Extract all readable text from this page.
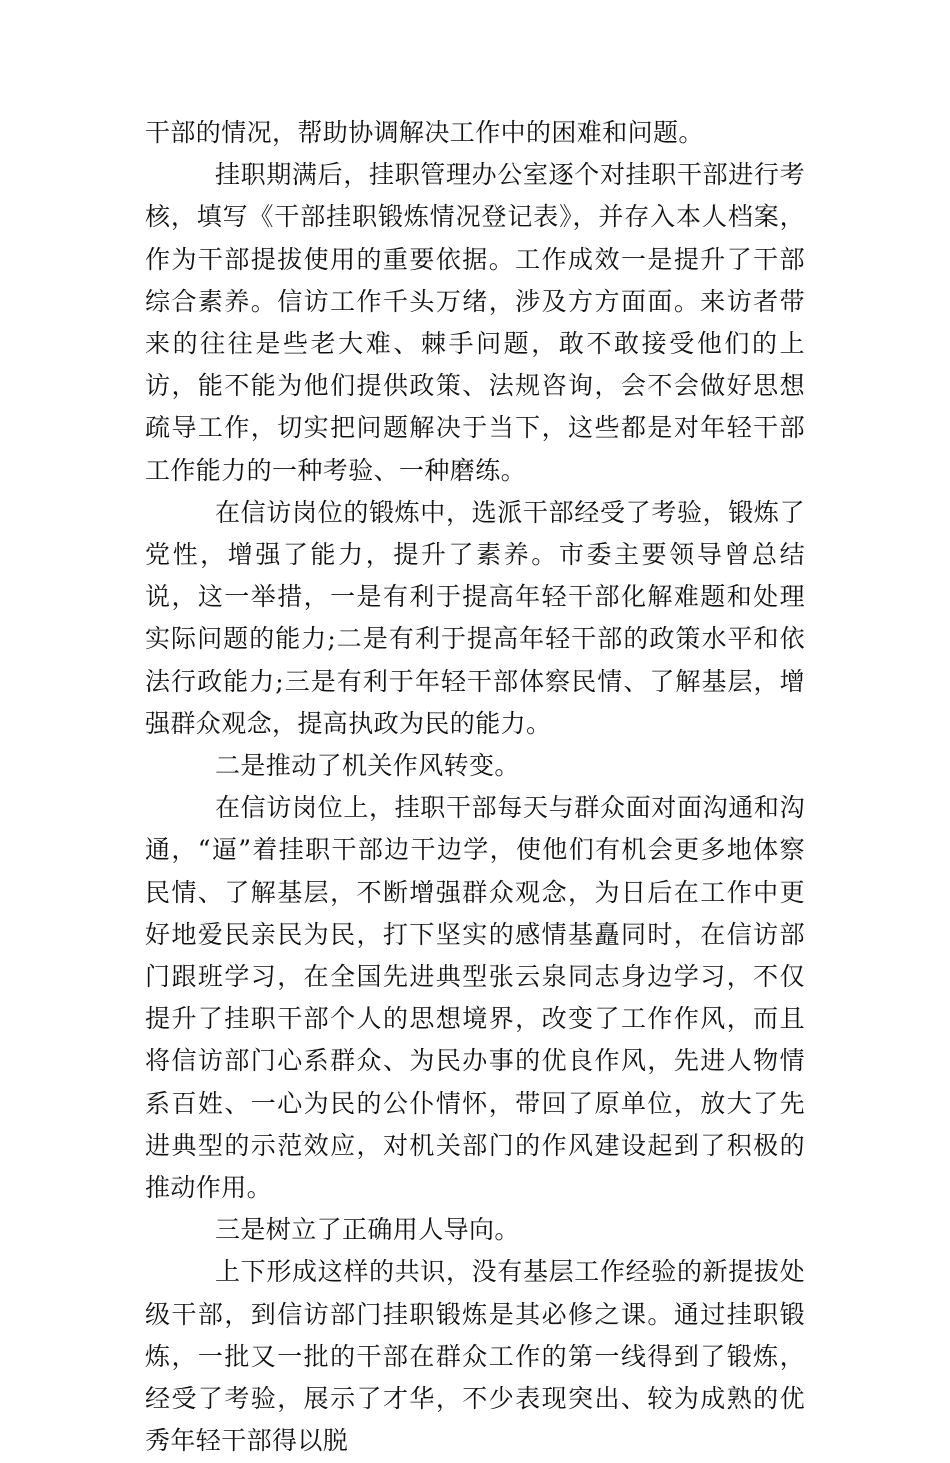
干部的情况，帮助协调解决工作中的困难和问题。

挂职期满后，挂职管理办公室逐个对挂职干部进行考核，填写《干部挂职锻炼情况登记表》，并存入本人档案，作为干部提拔使用的重要依据。工作成效一是提升了干部综合素养。信访工作千头万绪，涉及方方面面。来访者带来的往往是些老大难、棘手问题，敢不敢接受他们的上访，能不能为他们提供政策、法规咨询，会不会做好思想疏导工作，切实把问题解决于当下，这些都是对年轻干部工作能力的一种考验、一种磨练。

在信访岗位的锻炼中，选派干部经受了考验，锻炼了党性，增强了能力，提升了素养。市委主要领导曾总结说，这一举措，一是有利于提高年轻干部化解难题和处理实际问题的能力;二是有利于提高年轻干部的政策水平和依法行政能力;三是有利于年轻干部体察民情、了解基层，增强群众观念，提高执政为民的能力。

二是推动了机关作风转变。

在信访岗位上，挂职干部每天与群众面对面沟通和沟通，“逼”着挂职干部边干边学，使他们有机会更多地体察民情、了解基层，不断增强群众观念，为日后在工作中更好地爱民亲民为民，打下坚实的感情基矗同时，在信访部门跟班学习，在全国先进典型张云泉同志身边学习，不仅提升了挂职干部个人的思想境界，改变了工作作风，而且将信访部门心系群众、为民办事的优良作风，先进人物情系百姓、一心为民的公仆情怀，带回了原单位，放大了先进典型的示范效应，对机关部门的作风建设起到了积极的推动作用。

三是树立了正确用人导向。

上下形成这样的共识，没有基层工作经验的新提拔处级干部，到信访部门挂职锻炼是其必修之课。通过挂职锻炼，一批又一批的干部在群众工作的第一线得到了锻炼，经受了考验，展示了才华，不少表现突出、较为成熟的优秀年轻干部得以脱
